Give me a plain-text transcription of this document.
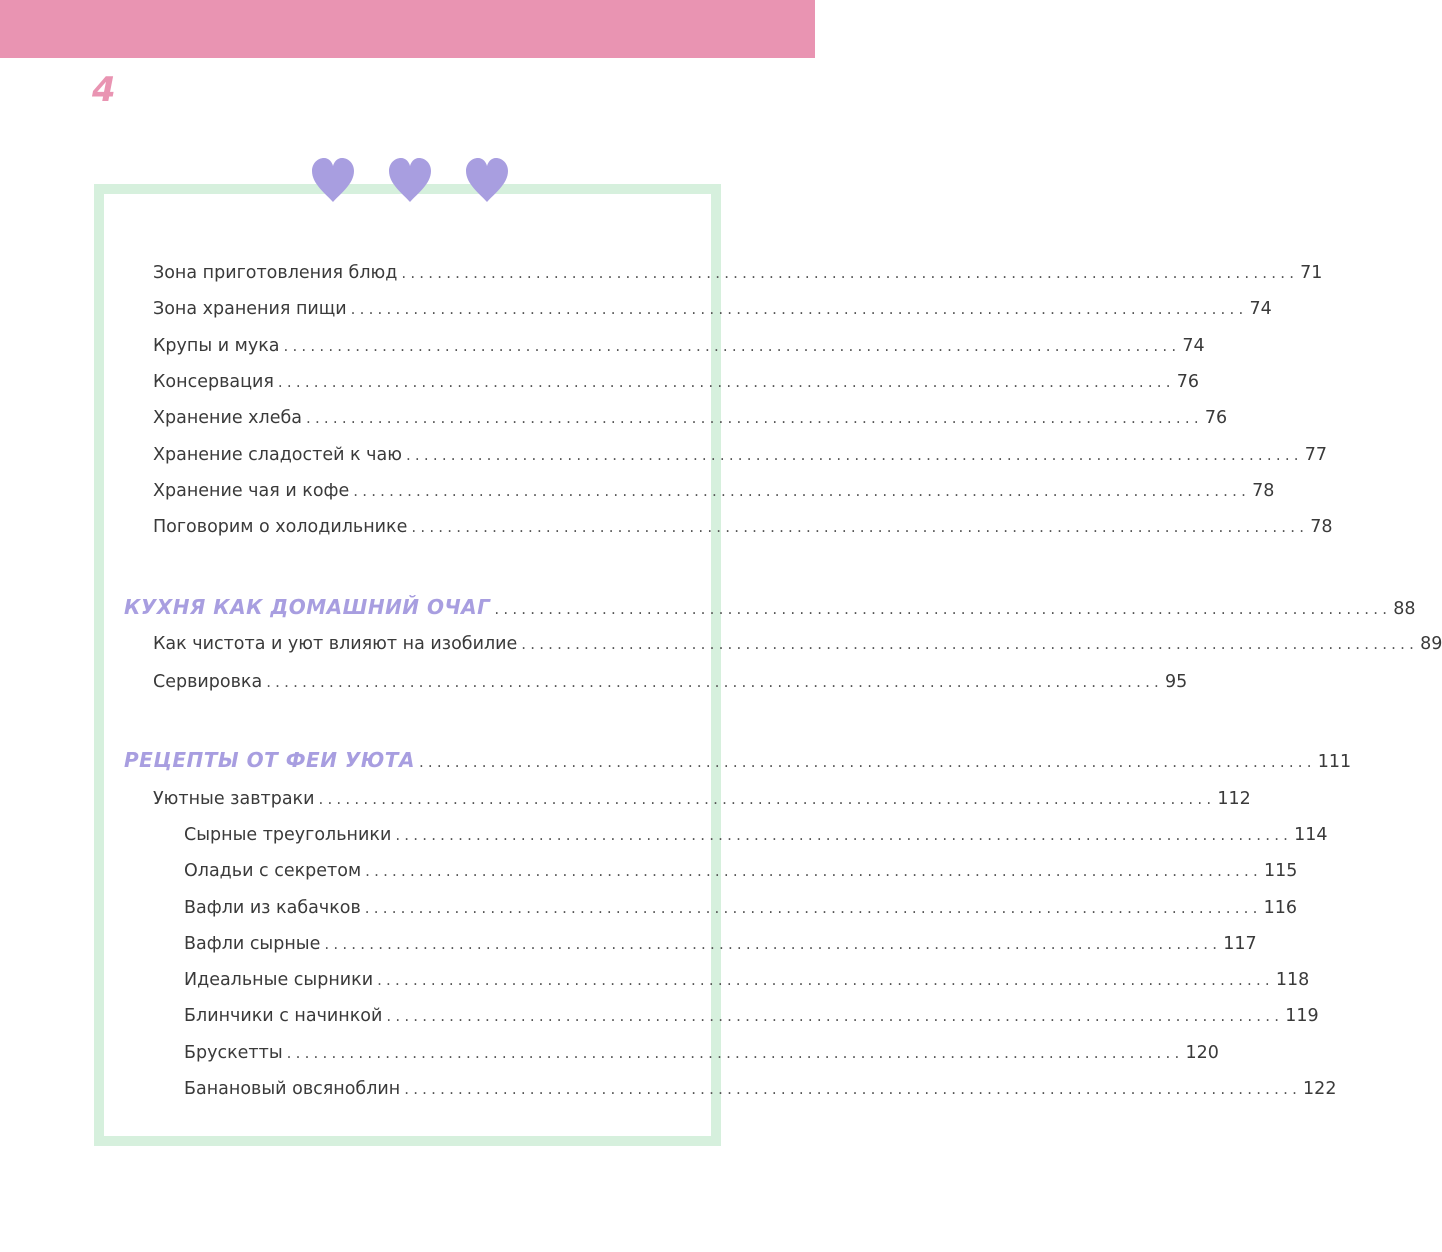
4
Зона приготовления блюд .................................................................................................... 71
Зона хранения пищи .................................................................................................... 74
Крупы и мука .................................................................................................... 74
Консервация .................................................................................................... 76
Хранение хлеба .................................................................................................... 76
Хранение сладостей к чаю .................................................................................................... 77
Хранение чая и кофе .................................................................................................... 78
Поговорим о холодильнике .................................................................................................... 78
КУХНЯ КАК ДОМАШНИЙ ОЧАГ .................................................................................................... 88
Как чистота и уют влияют на изобилие .................................................................................................... 89
Сервировка .................................................................................................... 95
РЕЦЕПТЫ ОТ ФЕИ УЮТА .................................................................................................... 111
Уютные завтраки .................................................................................................... 112
Сырные треугольники .................................................................................................... 114
Оладьи с секретом .................................................................................................... 115
Вафли из кабачков .................................................................................................... 116
Вафли сырные .................................................................................................... 117
Идеальные сырники .................................................................................................... 118
Блинчики с начинкой .................................................................................................... 119
Брускетты .................................................................................................... 120
Банановый овсяноблин .................................................................................................... 122
